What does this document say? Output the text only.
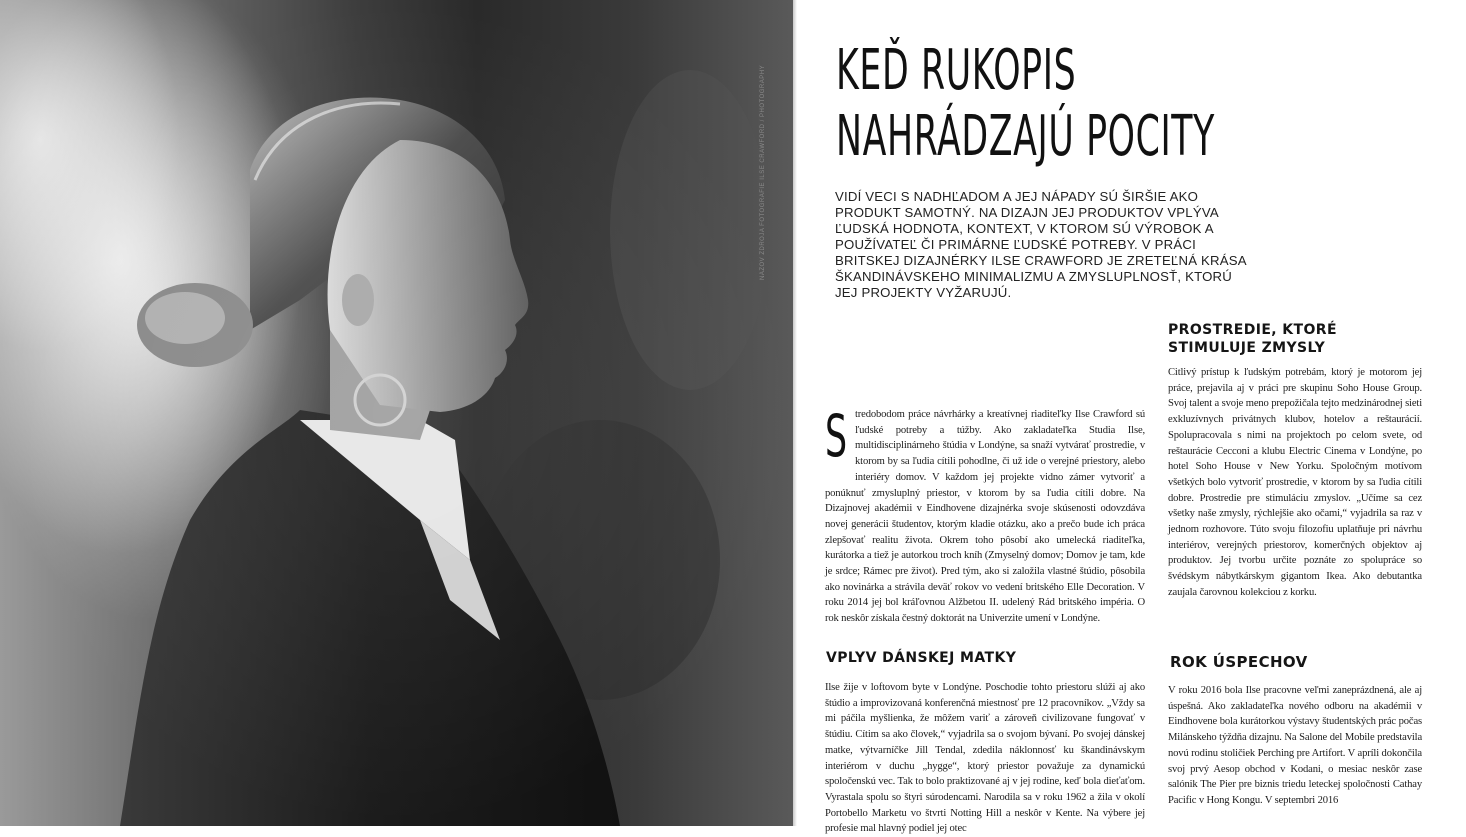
NÁZOV ZDROJA FOTOGRAFIE ILSE CRAWFORD / PHOTOGRAPHY KEĎ RUKOPIS
NAHRÁDZAJÚ POCITY
VIDÍ VECI S NADHĽADOM A JEJ NÁPADY SÚ ŠIRŠIE AKO PRODUKT SAMOTNÝ. NA DIZAJN JEJ PRODUKTOV VPLÝVA ĽUDSKÁ HODNOTA, KONTEXT, V KTOROM SÚ VÝROBOK A POUŽÍVATEĽ ČI PRIMÁRNE ĽUDSKÉ POTREBY. V PRÁCI BRITSKEJ DIZAJNÉRKY ILSE CRAWFORD JE ZRETEĽNÁ KRÁSA ŠKANDINÁVSKEHO MINIMALIZMU A ZMYSLUPLNOSŤ, KTORÚ JEJ PROJEKTY VYŽARUJÚ.
S tredobodom práce návrhárky a kreatívnej riaditeľky Ilse Crawford sú ľudské potreby a túžby. Ako zakladateľka Studia Ilse, multidisciplinárneho štúdia v Londýne, sa snaží vytvárať prostredie, v ktorom by sa ľudia cítili pohodlne, či už ide o verejné priestory, alebo interiéry domov. V každom jej projekte vidno zámer vytvoriť a ponúknuť zmysluplný priestor, v ktorom by sa ľudia cítili dobre. Na Dizajnovej akadémii v Eindhovene dizajnérka svoje skúsenosti odovzdáva novej generácii študentov, ktorým kladie otázku, ako a prečo bude ich práca zlepšovať realitu života. Okrem toho pôsobí ako umelecká riaditeľka, kurátorka a tiež je autorkou troch kníh (Zmyselný domov; Domov je tam, kde je srdce; Rámec pre život). Pred tým, ako si založila vlastné štúdio, pôsobila ako novinárka a strávila deväť rokov vo vedení britského Elle Decoration. V roku 2014 jej bol kráľovnou Alžbetou II. udelený Rád britského impéria. O rok neskôr získala čestný doktorát na Univerzite umení v Londýne.

VPLYV DÁNSKEJ MATKY

Ilse žije v loftovom byte v Londýne. Poschodie tohto priestoru slúži aj ako štúdio a improvizovaná konferenčná miestnosť pre 12 pracovníkov. „Vždy sa mi páčila myšlienka, že môžem variť a zároveň civilizovane fungovať v štúdiu. Cítim sa ako človek,“ vyjadrila sa o svojom bývaní. Po svojej dánskej matke, výtvarníčke Jill Tendal, zdedila náklonnosť ku škandinávskym interiérom v duchu „hygge“, ktorý priestor považuje za dynamickú spoločenskú vec. Tak to bolo praktizované aj v jej rodine, keď bola dieťaťom. Vyrastala spolu so štyri súrodencami. Narodila sa v roku 1962 a žila v okolí Portobello Marketu vo štvrti Notting Hill a neskôr v Kente. Na výbere jej profesie mal hlavný podiel jej otec

PROSTREDIE, KTORÉ STIMULUJE ZMYSLY

Citlivý prístup k ľudským potrebám, ktorý je motorom jej práce, prejavila aj v práci pre skupinu Soho House Group. Svoj talent a svoje meno prepožičala tejto medzinárodnej sieti exkluzívnych privátnych klubov, hotelov a reštaurácií. Spolupracovala s nimi na projektoch po celom svete, od reštaurácie Cecconi a klubu Electric Cinema v Londýne, po hotel Soho House v New Yorku. Spoločným motívom všetkých bolo vytvoriť prostredie, v ktorom by sa ľudia cítili dobre. Prostredie pre stimuláciu zmyslov. „Učíme sa cez všetky naše zmysly, rýchlejšie ako očami,“ vyjadrila sa raz v jednom rozhovore. Túto svoju filozofiu uplatňuje pri návrhu interiérov, verejných priestorov, komerčných objektov aj produktov. Jej tvorbu určite poznáte zo spolupráce so švédskym nábytkárskym gigantom Ikea. Ako debutantka zaujala čarovnou kolekciou z korku.

ROK ÚSPECHOV

V roku 2016 bola Ilse pracovne veľmi zaneprázdnená, ale aj úspešná. Ako zakladateľka nového odboru na akadémii v Eindhovene bola kurátorkou výstavy študentských prác počas Milánskeho týždňa dizajnu. Na Salone del Mobile predstavila novú rodinu stoličiek Perching pre Artifort. V apríli dokončila svoj prvý Aesop obchod v Kodani, o mesiac neskôr zase salónik The Pier pre biznis triedu leteckej spoločnosti Cathay Pacific v Hong Kongu. V septembri 2016
